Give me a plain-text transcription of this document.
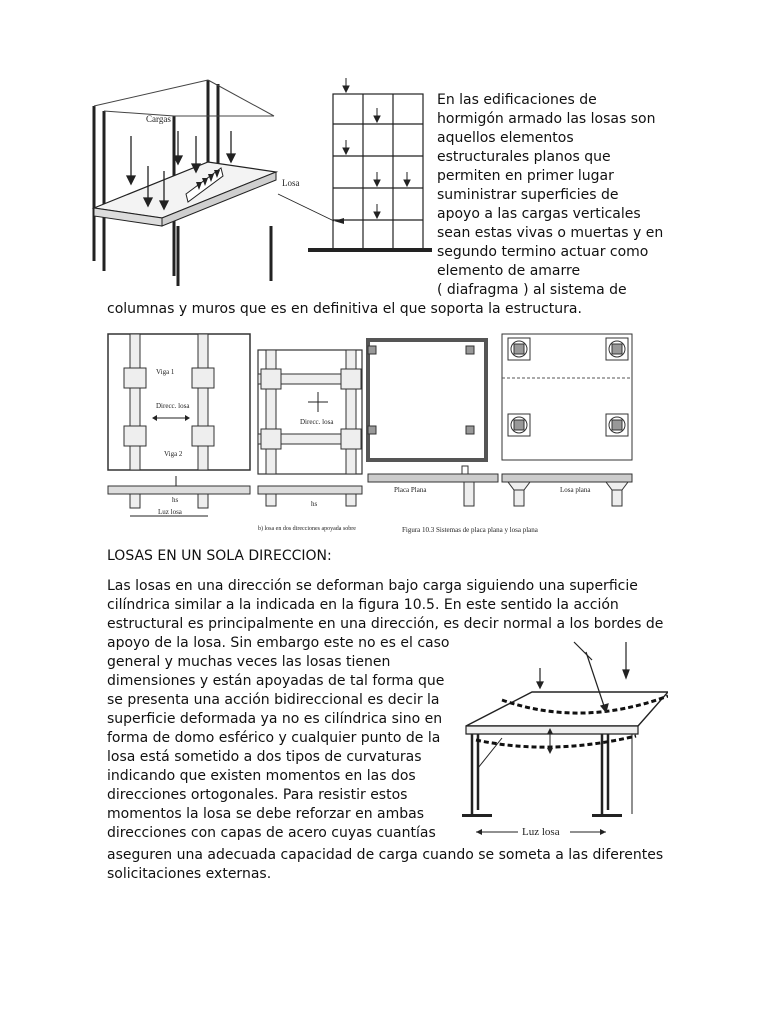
Cargas
Losa

En las edificaciones de

hormigón armado las losas son

aquellos elementos

estructurales planos que

permiten en primer lugar

suministrar superficies de

apoyo a las cargas verticales

sean estas vivas o muertas y en

segundo termino actuar como

elemento de amarre

( diafragma ) al sistema de

columnas y muros que es en definitiva el que soporta la estructura.

Viga 1
Viga 2
Direcc. losa
hs
Luz losa
Direcc. losa
hs
b) losa en dos direcciones apoyada sobre
Placa Plana	Losa plana
Figura 10.3 Sistemas de placa plana y losa plana

LOSAS EN UN SOLA DIRECCION:

Las losas en una dirección se deforman bajo carga siguiendo una superficie

cilíndrica similar a la indicada en la figura 10.5. En este sentido la acción

estructural es principalmente en una dirección, es decir normal a los bordes de

apoyo de la losa. Sin embargo este no es el caso

general y muchas veces las losas tienen

dimensiones y están apoyadas de tal forma que

se presenta una acción bidireccional es decir la

superficie deformada ya no es cilíndrica sino en

forma de domo esférico y cualquier punto de la

losa está sometido a dos tipos de curvaturas

indicando que existen momentos en las dos

direcciones ortogonales. Para resistir estos

momentos la losa se debe reforzar en ambas

direcciones con capas de acero cuyas cuantías

aseguren una adecuada capacidad de carga cuando se someta a las diferentes

solicitaciones externas.

Luz losa
